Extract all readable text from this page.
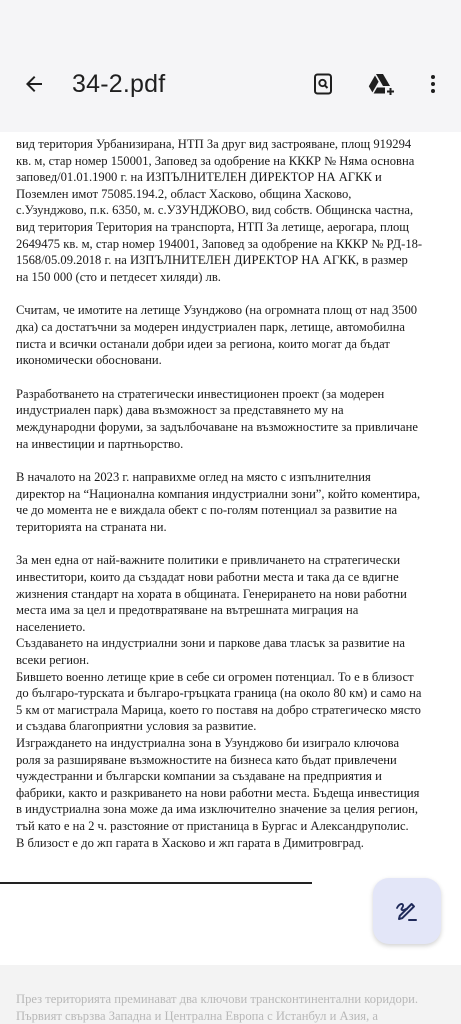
34-2.pdf

вид територия Урбанизирана, НТП За друг вид застрояване, площ 919294
кв. м, стар номер 150001, Заповед за одобрение на КККР № Няма основна
заповед/01.01.1900 г. на ИЗПЪЛНИТЕЛЕН ДИРЕКТОР НА АГКК и
Поземлен имот 75085.194.2, област Хасково, община Хасково,
с.Узунджово, п.к. 6350, м. с.УЗУНДЖОВО, вид собств. Общинска частна,
вид територия Територия на транспорта, НТП За летище, аерогара, площ
2649475 кв. м, стар номер 194001, Заповед за одобрение на КККР № РД-18-
1568/05.09.2018 г. на ИЗПЪЛНИТЕЛЕН ДИРЕКТОР НА АГКК, в размер
на 150 000 (сто и петдесет хиляди) лв.

Считам, че имотите на летище Узунджово (на огромната площ от над 3500
дка) са достатъчни за модерен индустриален парк, летище, автомобилна
писта и всички останали добри идеи за региона, които могат да бъдат
икономически обосновани.

Разработването на стратегически инвестиционен проект (за модерен
индустриален парк) дава възможност за представянето му на
международни форуми, за задълбочаване на възможностите за привличане
на инвестиции и партньорство.

В началото на 2023 г. направихме оглед на място с изпълнителния
директор на “Национална компания индустриални зони”, който коментира,
че до момента не е виждала обект с по-голям потенциал за развитие на
територията на страната ни.

За мен една от най-важните политики е привличането на стратегически
инвеститори, които да създадат нови работни места и така да се вдигне
жизнения стандарт на хората в общината. Генерирането на нови работни
места има за цел и предотвратяване на вътрешната миграция на
населението.
Създаването на индустриални зони и паркове дава тласък за развитие на
всеки регион.
Бившето военно летище крие в себе си огромен потенциал. То е в близост
до българо-турската и българо-гръцката граница (на около 80 км) и само на
5 км от магистрала Марица, което го поставя на добро стратегическо място
и създава благоприятни условия за развитие.
Изграждането на индустриална зона в Узунджово би изиграло ключова
роля за разширяване възможностите на бизнеса като бъдат привлечени
чуждестранни и български компании за създаване на предприятия и
фабрики, както и разкриването на нови работни места. Бъдеща инвестиция
в индустриална зона може да има изключително значение за целия регион,
тъй като е на 2 ч. разстояние от пристаница в Бургас и Александруполис.
В близост е до жп гарата в Хасково и жп гарата в Димитровград.

През територията преминават два ключови трансконтинентални коридори.
Първият свързва Западна и Централна Европа с Истанбул и Азия, а
